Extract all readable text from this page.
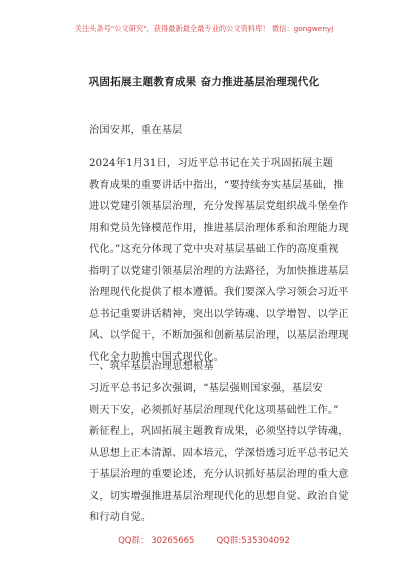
关注头条号"公文研究"，获得最新最全最专业的公文资料库！ 微信：gongwenyj
巩固拓展主题教育成果 奋力推进基层治理现代化
治国安邦，重在基层
2024年1月31日，习近平总书记在关于巩固拓展主题
教育成果的重要讲话中指出，“要持续夯实基层基础，推
进以党建引领基层治理，充分发挥基层党组织战斗堡垒作
用和党员先锋模范作用，推进基层治理体系和治理能力现
代化。”这充分体现了党中央对基层基础工作的高度重视
指明了以党建引领基层治理的方法路径，为加快推进基层
治理现代化提供了根本遵循。我们要深入学习领会习近平
总书记重要讲话精神，突出以学铸魂、以学增智、以学正
风、以学促干，不断加强和创新基层治理，以基层治理现
代化全力助推中国式现代化。
一、筑牢基层治理思想根基
习近平总书记多次强调，“基层强则国家强，基层安
则天下安，必须抓好基层治理现代化这项基础性工作。”
新征程上，巩固拓展主题教育成果，必须坚持以学铸魂，
从思想上正本清源、固本培元，学深悟透习近平总书记关
于基层治理的重要论述，充分认识抓好基层治理的重大意
义，切实增强推进基层治理现代化的思想自觉、政治自觉
和行动自觉。
QQ群： 30265665	QQ群:535304092
